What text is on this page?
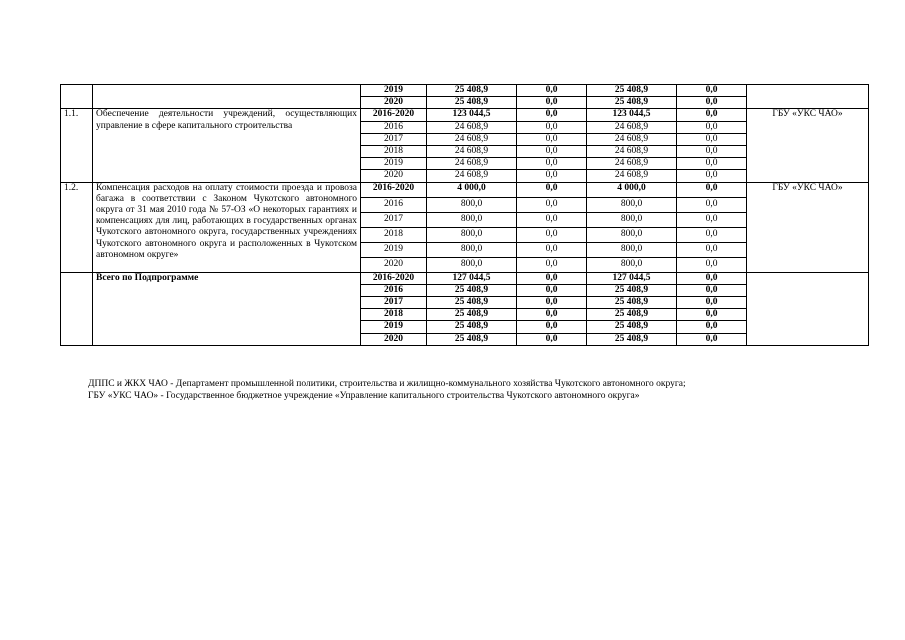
		2019	25 408,9	0,0	25 408,9	0,0	
		2020	25 408,9	0,0	25 408,9	0,0	
1.1.	Обеспечение деятельности учреждений, осуществляющих управление в сфере капитального строительства	2016-2020	123 044,5	0,0	123 044,5	0,0	ГБУ «УКС ЧАО»
		2016	24 608,9	0,0	24 608,9	0,0	
		2017	24 608,9	0,0	24 608,9	0,0	
		2018	24 608,9	0,0	24 608,9	0,0	
		2019	24 608,9	0,0	24 608,9	0,0	
		2020	24 608,9	0,0	24 608,9	0,0	
1.2.	Компенсация расходов на оплату стоимости проезда и провоза багажа в соответствии с Законом Чукотского автономного округа от 31 мая 2010 года № 57-ОЗ «О некоторых гарантиях и компенсациях для лиц, работающих в государственных органах Чукотского автономного округа, государственных учреждениях Чукотского автономного округа и расположенных в Чукотском автономном округе»	2016-2020	4 000,0	0,0	4 000,0	0,0	ГБУ «УКС ЧАО»
		2016	800,0	0,0	800,0	0,0	
		2017	800,0	0,0	800,0	0,0	
		2018	800,0	0,0	800,0	0,0	
		2019	800,0	0,0	800,0	0,0	
		2020	800,0	0,0	800,0	0,0	
	Всего по Подпрограмме	2016-2020	127 044,5	0,0	127 044,5	0,0	
		2016	25 408,9	0,0	25 408,9	0,0	
		2017	25 408,9	0,0	25 408,9	0,0	
		2018	25 408,9	0,0	25 408,9	0,0	
		2019	25 408,9	0,0	25 408,9	0,0	
		2020	25 408,9	0,0	25 408,9	0,0	
ДППС и ЖКХ ЧАО - Департамент промышленной политики, строительства и жилищно-коммунального хозяйства Чукотского автономного округа;
ГБУ «УКС ЧАО» - Государственное бюджетное учреждение «Управление капитального строительства Чукотского автономного округа»
